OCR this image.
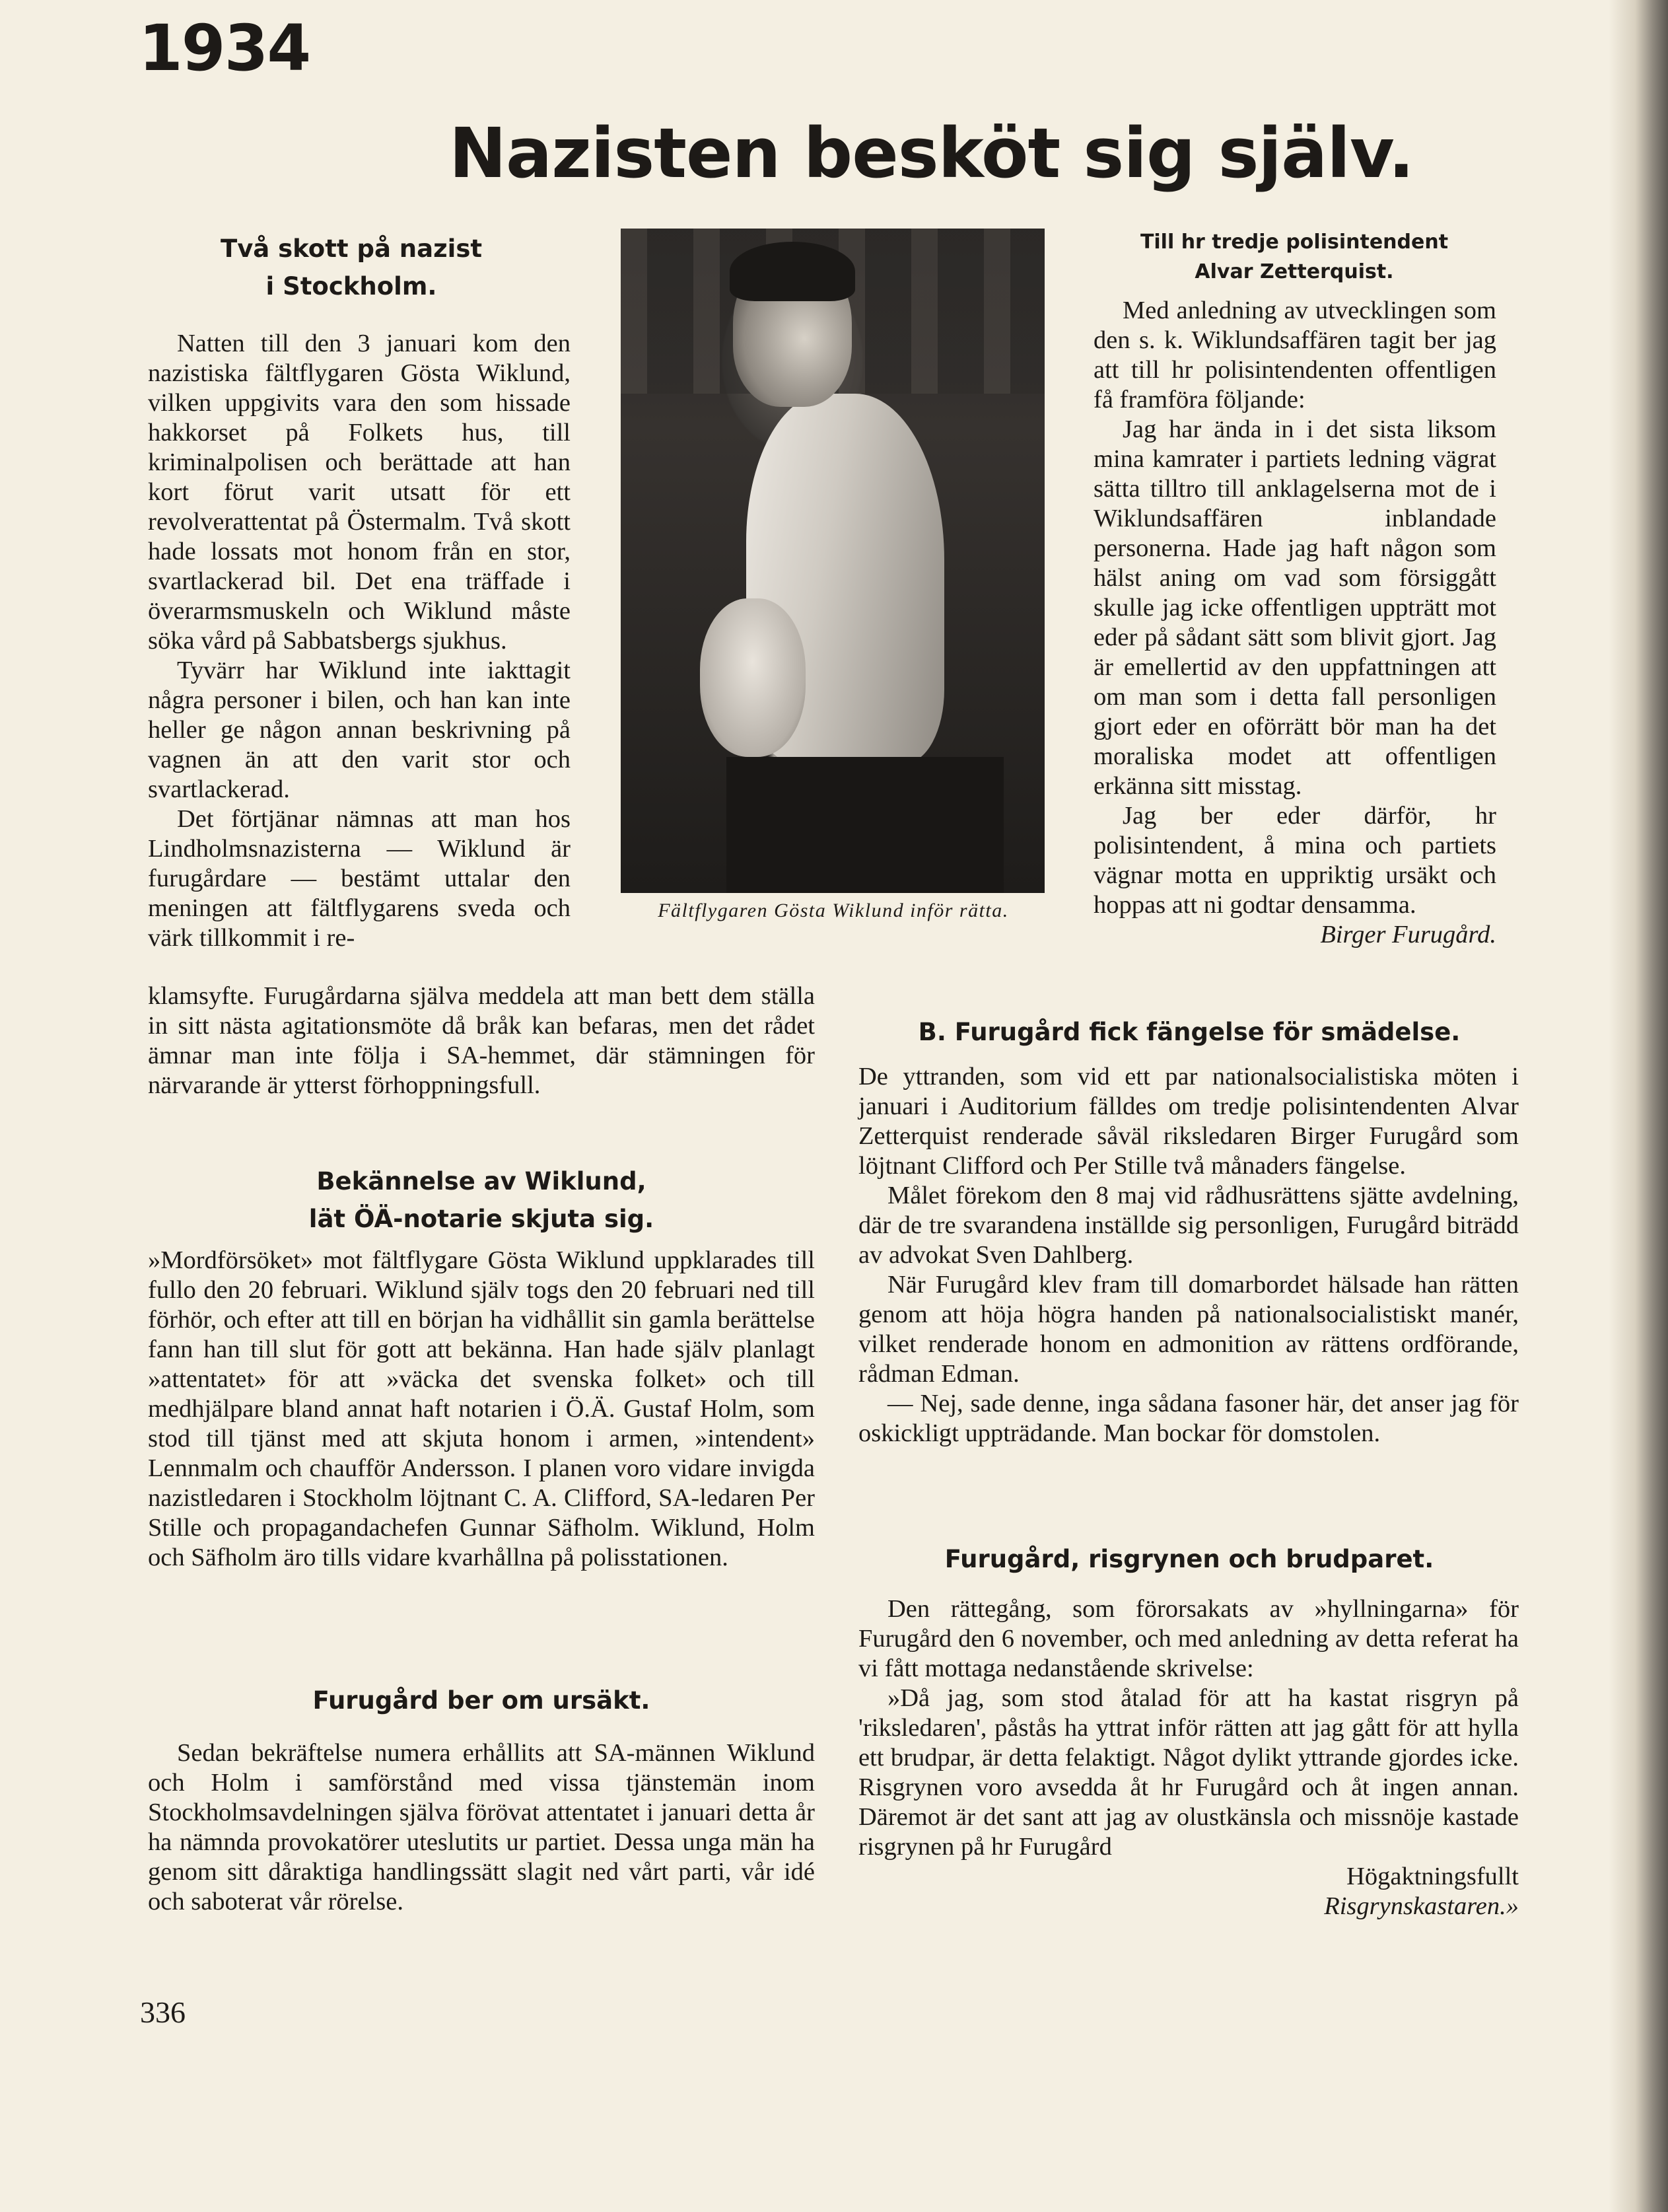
1934
Nazisten besköt sig själv.
Två skott på nazist
i Stockholm.

Natten till den 3 januari kom den nazistiska fältflygaren Gösta Wiklund, vilken uppgivits vara den som hissade hakkorset på Folkets hus, till kriminalpolisen och berättade att han kort förut varit utsatt för ett revolverattentat på Östermalm. Två skott hade lossats mot honom från en stor, svartlackerad bil. Det ena träffade i överarmsmuskeln och Wiklund måste söka vård på Sabbatsbergs sjukhus.

Tyvärr har Wiklund inte iakttagit några personer i bilen, och han kan inte heller ge någon annan beskrivning på vagnen än att den varit stor och svartlackerad.

Det förtjänar nämnas att man hos Lindholmsnazisterna — Wiklund är furugårdare — bestämt uttalar den meningen att fältflygarens sveda och värk tillkommit i re-

klamsyfte. Furugårdarna själva meddela att man bett dem ställa in sitt nästa agitationsmöte då bråk kan befaras, men det rådet ämnar man inte följa i SA-hemmet, där stämningen för närvarande är ytterst förhoppningsfull.

Fältflygaren Gösta Wiklund inför rätta.
Till hr tredje polisintendent
Alvar Zetterquist.

Med anledning av utvecklingen som den s. k. Wiklundsaffären tagit ber jag att till hr polisintendenten offentligen få framföra följande:

Jag har ända in i det sista liksom mina kamrater i partiets ledning vägrat sätta tilltro till anklagelserna mot de i Wiklundsaffären inblandade personerna. Hade jag haft någon som hälst aning om vad som försiggått skulle jag icke offentligen uppträtt mot eder på sådant sätt som blivit gjort. Jag är emellertid av den uppfattningen att om man som i detta fall personligen gjort eder en oförrätt bör man ha det moraliska modet att offentligen erkänna sitt misstag.

Jag ber eder därför, hr polisintendent, å mina och partiets vägnar motta en uppriktig ursäkt och hoppas att ni godtar densamma.

Birger Furugård.

Bekännelse av Wiklund,
lät ÖÄ-notarie skjuta sig.

»Mordförsöket» mot fältflygare Gösta Wiklund uppklarades till fullo den 20 februari. Wiklund själv togs den 20 februari ned till förhör, och efter att till en början ha vidhållit sin gamla berättelse fann han till slut för gott att bekänna. Han hade själv planlagt »attentatet» för att »väcka det svenska folket» och till medhjälpare bland annat haft notarien i Ö.Ä. Gustaf Holm, som stod till tjänst med att skjuta honom i armen, »intendent» Lennmalm och chaufför Andersson. I planen voro vidare invigda nazistledaren i Stockholm löjtnant C. A. Clifford, SA-ledaren Per Stille och propagandachefen Gunnar Säfholm. Wiklund, Holm och Säfholm äro tills vidare kvarhållna på polisstationen.

Furugård ber om ursäkt.

Sedan bekräftelse numera erhållits att SA-männen Wiklund och Holm i samförstånd med vissa tjänstemän inom Stockholmsavdelningen själva förövat attentatet i januari detta år ha nämnda provokatörer uteslutits ur partiet. Dessa unga män ha genom sitt dåraktiga handlingssätt slagit ned vårt parti, vår idé och saboterat vår rörelse.

B. Furugård fick fängelse för smädelse.

De yttranden, som vid ett par nationalsocialistiska möten i januari i Auditorium fälldes om tredje polisintendenten Alvar Zetterquist renderade såväl riksledaren Birger Furugård som löjtnant Clifford och Per Stille två månaders fängelse.

Målet förekom den 8 maj vid rådhusrättens sjätte avdelning, där de tre svarandena inställde sig personligen, Furugård biträdd av advokat Sven Dahlberg.

När Furugård klev fram till domarbordet hälsade han rätten genom att höja högra handen på nationalsocialistiskt manér, vilket renderade honom en admonition av rättens ordförande, rådman Edman.

— Nej, sade denne, inga sådana fasoner här, det anser jag för oskickligt uppträdande. Man bockar för domstolen.

Furugård, risgrynen och brudparet.

Den rättegång, som förorsakats av »hyllningarna» för Furugård den 6 november, och med anledning av detta referat ha vi fått mottaga nedanstående skrivelse:

»Då jag, som stod åtalad för att ha kastat risgryn på 'riksledaren', påstås ha yttrat inför rätten att jag gått för att hylla ett brudpar, är detta felaktigt. Något dylikt yttrande gjordes icke. Risgrynen voro avsedda åt hr Furugård och åt ingen annan. Däremot är det sant att jag av olustkänsla och missnöje kastade risgrynen på hr Furugård

Högaktningsfullt

Risgrynskastaren.»

336
